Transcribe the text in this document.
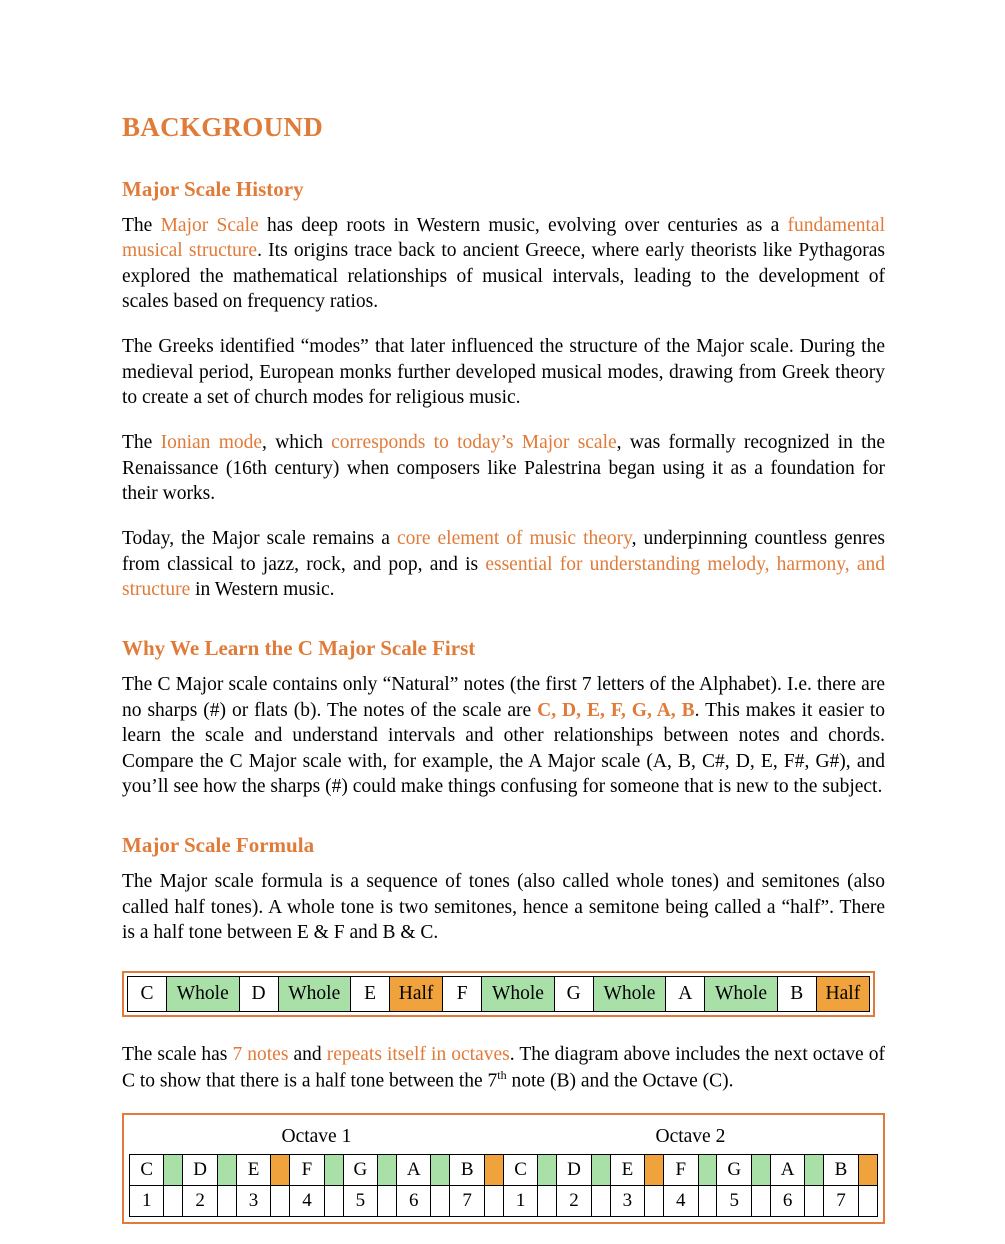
BACKGROUND
Major Scale History

The Major Scale has deep roots in Western music, evolving over centuries as a fundamental musical structure. Its origins trace back to ancient Greece, where early theorists like Pythagoras explored the mathematical relationships of musical intervals, leading to the development of scales based on frequency ratios.

The Greeks identified “modes” that later influenced the structure of the Major scale. During the medieval period, European monks further developed musical modes, drawing from Greek theory to create a set of church modes for religious music.

The Ionian mode, which corresponds to today’s Major scale, was formally recognized in the Renaissance (16th century) when composers like Palestrina began using it as a foundation for their works.

Today, the Major scale remains a core element of music theory, underpinning countless genres from classical to jazz, rock, and pop, and is essential for understanding melody, harmony, and structure in Western music.

Why We Learn the C Major Scale First

The C Major scale contains only “Natural” notes (the first 7 letters of the Alphabet). I.e. there are no sharps (#) or flats (b). The notes of the scale are C, D, E, F, G, A, B. This makes it easier to learn the scale and understand intervals and other relationships between notes and chords. Compare the C Major scale with, for example, the A Major scale (A, B, C#, D, E, F#, G#), and you’ll see how the sharps (#) could make things confusing for someone that is new to the subject.

Major Scale Formula

The Major scale formula is a sequence of tones (also called whole tones) and semitones (also called half tones). A whole tone is two semitones, hence a semitone being called a “half”. There is a half tone between E & F and B & C.

C	Whole	D	Whole	E	Half	F	Whole	G	Whole	A	Whole	B	Half

The scale has 7 notes and repeats itself in octaves. The diagram above includes the next octave of C to show that there is a half tone between the 7th note (B) and the Octave (C).

Octave 1														Octave 2													
C		D		E		F		G		A		B		C		D		E		F		G		A		B	
1		2		3		4		5		6		7		1		2		3		4		5		6		7	
